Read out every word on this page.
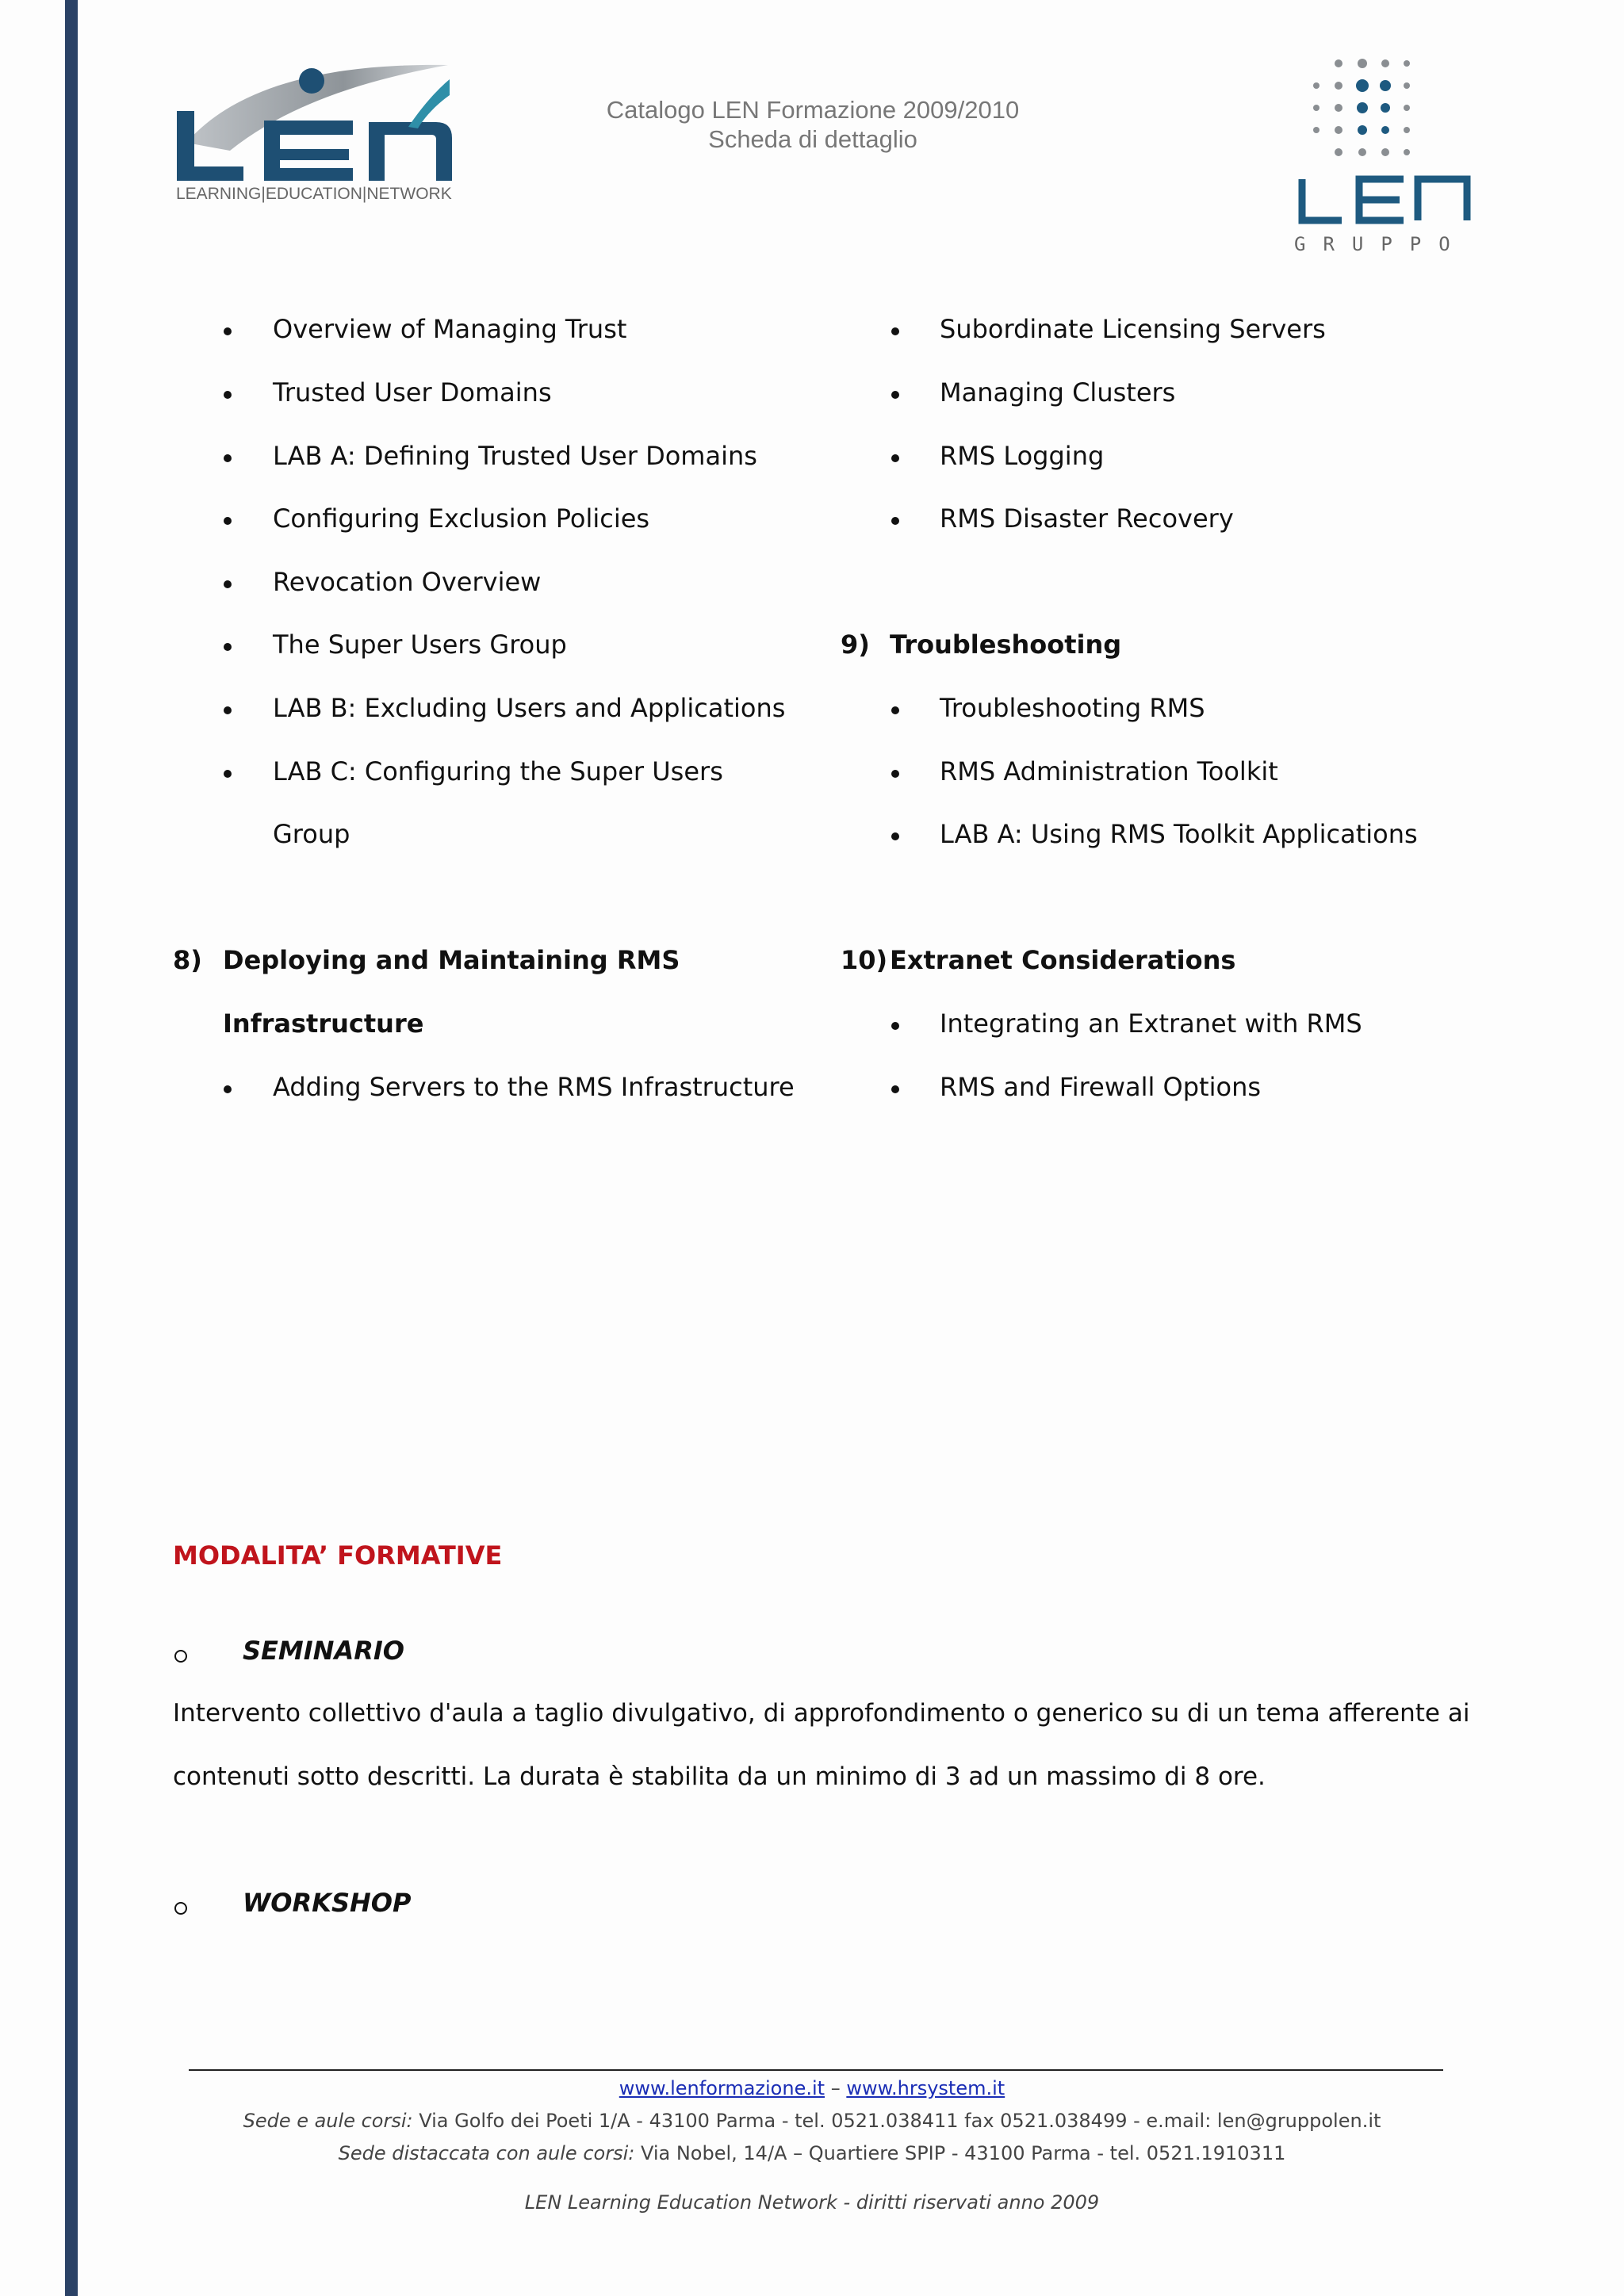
LEARNING|EDUCATION|NETWORK
Catalogo LEN Formazione 2009/2010
Scheda di dettaglio
GRUPPO
Overview of Managing Trust
Trusted User Domains
LAB A: Defining Trusted User Domains
Configuring Exclusion Policies
Revocation Overview
The Super Users Group
LAB B: Excluding Users and Applications
LAB C: Configuring the Super Users
Group
8) Deploying and Maintaining RMS
Infrastructure
Adding Servers to the RMS Infrastructure
Subordinate Licensing Servers
Managing Clusters
RMS Logging
RMS Disaster Recovery
9) Troubleshooting
Troubleshooting RMS
RMS Administration Toolkit
LAB A: Using RMS Toolkit Applications
10) Extranet Considerations
Integrating an Extranet with RMS
RMS and Firewall Options
MODALITA’ FORMATIVE
SEMINARIO
Intervento collettivo d'aula a taglio divulgativo, di approfondimento o generico su di un tema afferente ai
contenuti sotto descritti. La durata è stabilita da un minimo di 3 ad un massimo di 8 ore.
WORKSHOP
www.lenformazione.it – www.hrsystem.it
Sede e aule corsi: Via Golfo dei Poeti 1/A - 43100 Parma - tel. 0521.038411 fax 0521.038499 - e.mail: len@gruppolen.it
Sede distaccata con aule corsi: Via Nobel, 14/A – Quartiere SPIP - 43100 Parma - tel. 0521.1910311
LEN Learning Education Network - diritti riservati anno 2009
